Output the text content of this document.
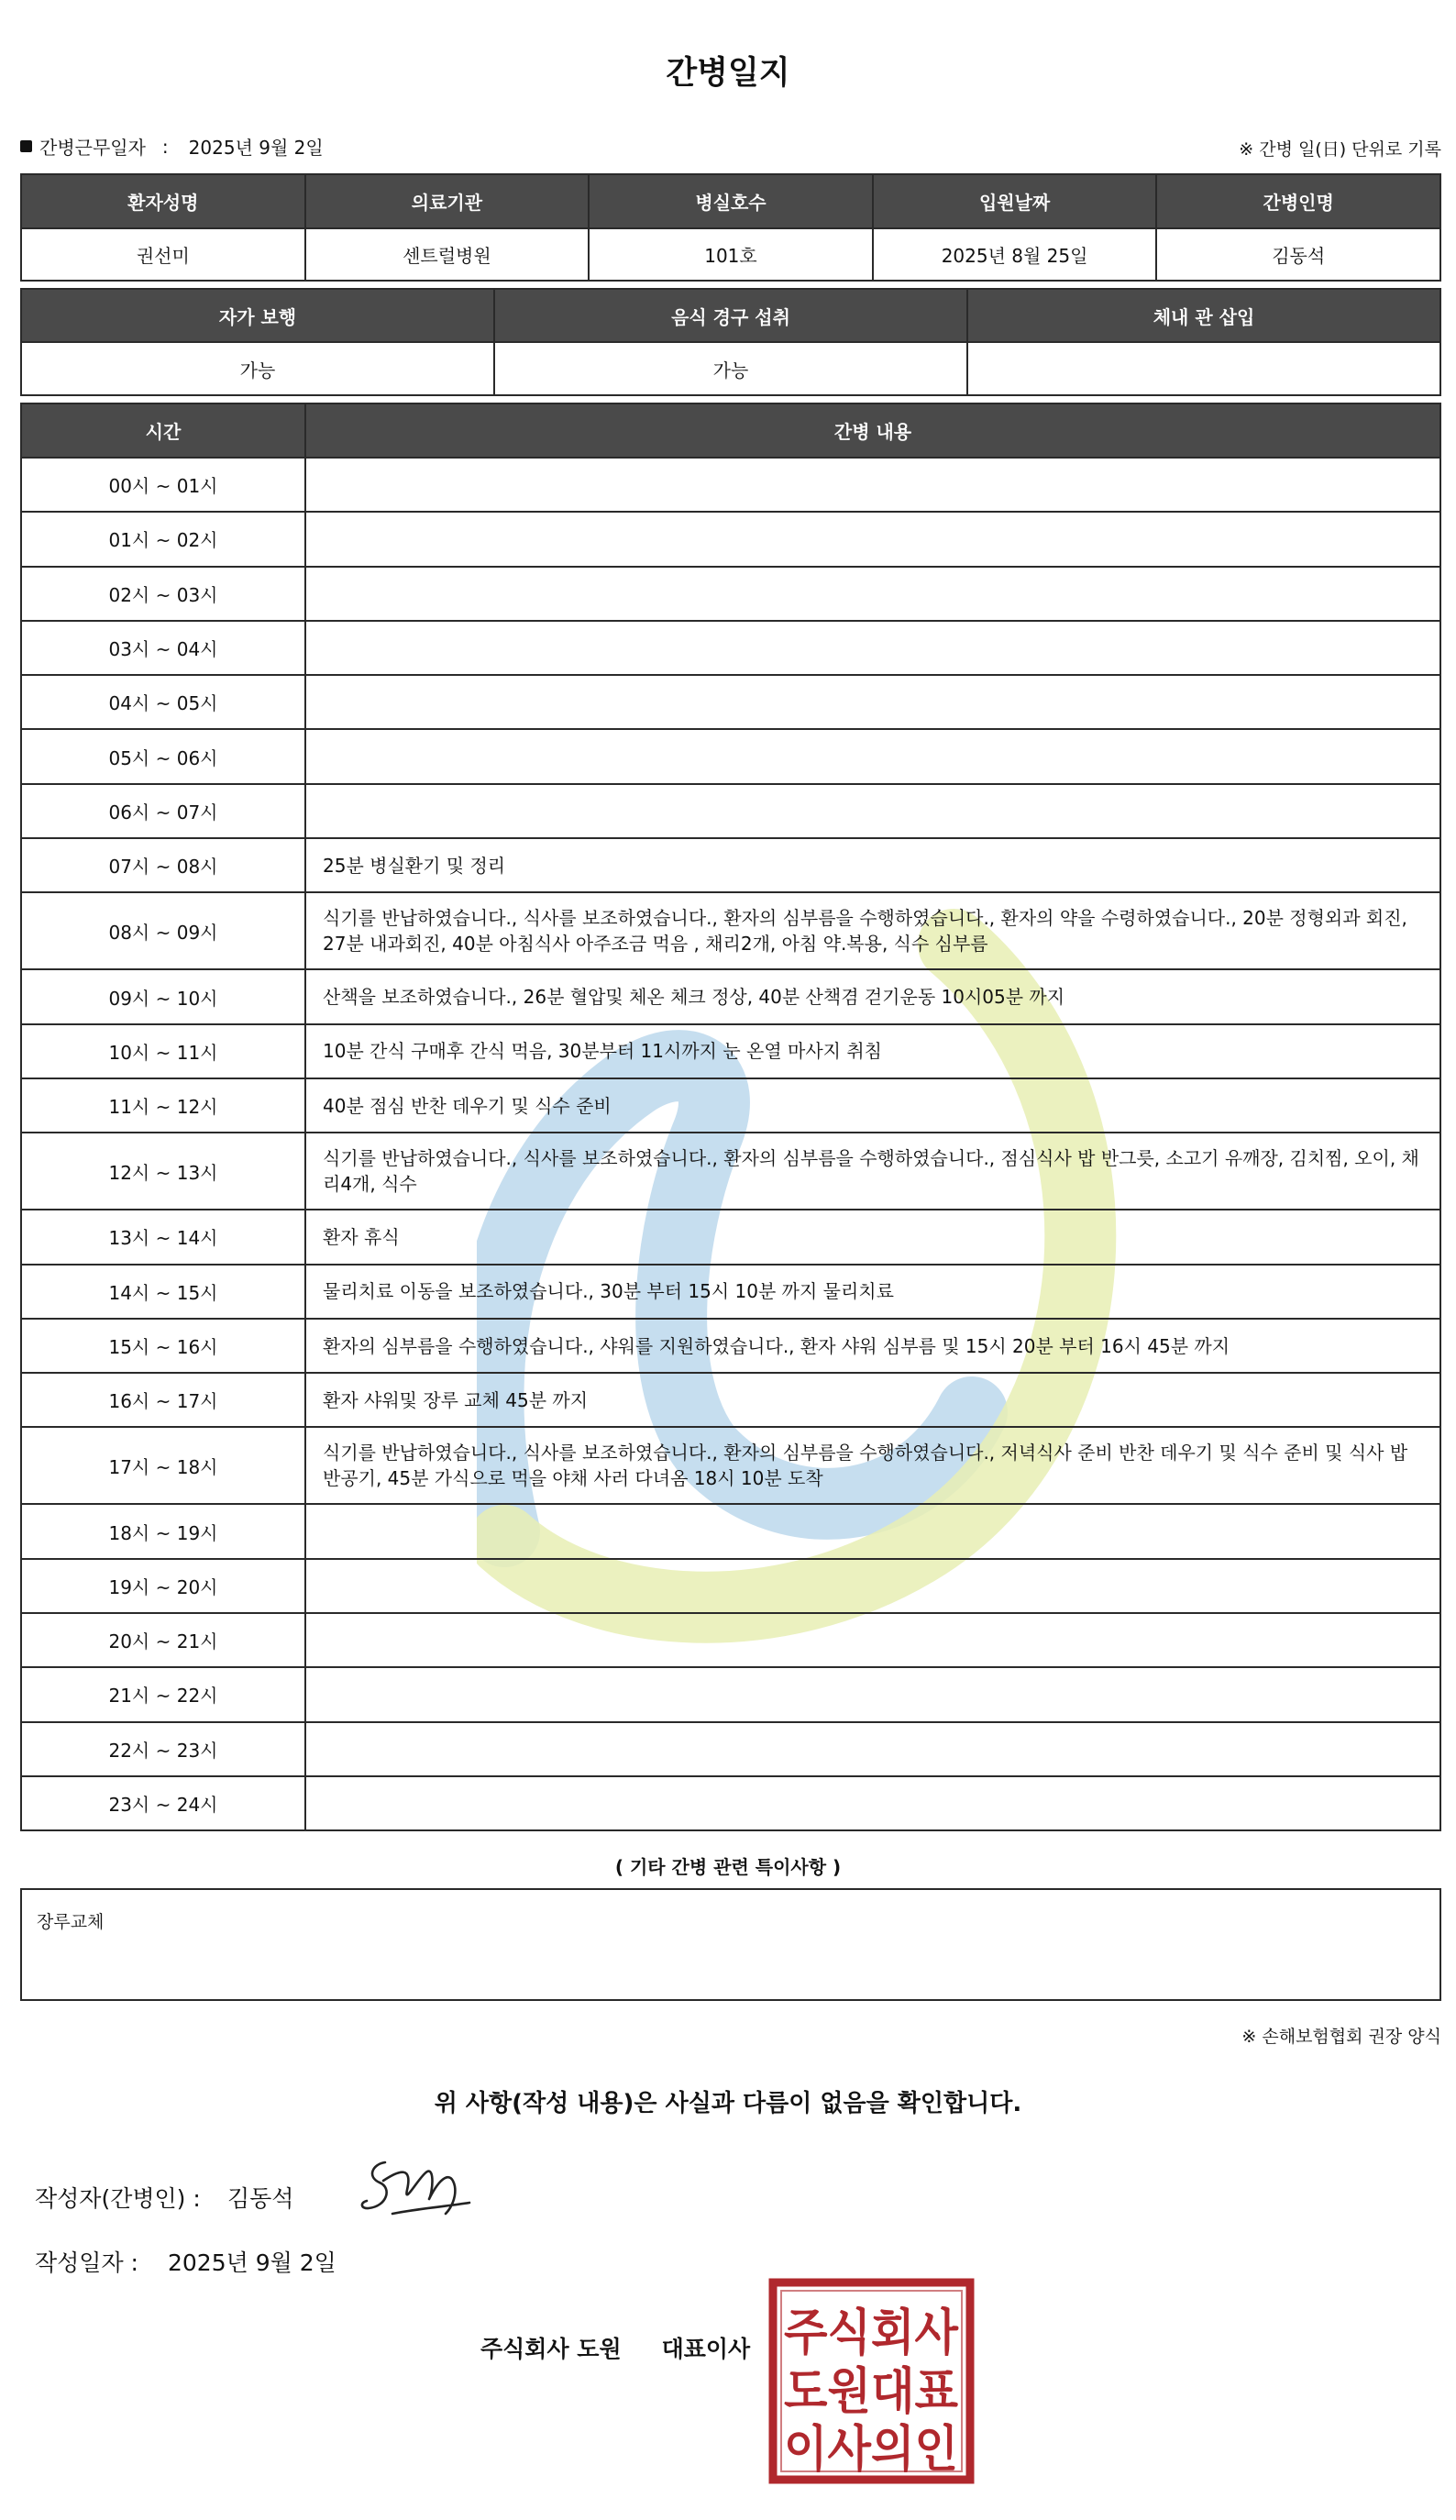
간병일지
간병근무일자 : 2025년 9월 2일	※ 간병 일(日) 단위로 기록
환자성명	의료기관	병실호수	입원날짜	간병인명
권선미	센트럴병원	101호	2025년 8월 25일	김동석
자가 보행	음식 경구 섭취	체내 관 삽입
가능	가능	
시간	간병 내용
00시 ~ 01시	
01시 ~ 02시	
02시 ~ 03시	
03시 ~ 04시	
04시 ~ 05시	
05시 ~ 06시	
06시 ~ 07시	
07시 ~ 08시	25분 병실환기 및 정리
08시 ~ 09시	식기를 반납하였습니다., 식사를 보조하였습니다., 환자의 심부름을 수행하였습니다., 환자의 약을 수령하였습니다., 20분 정형외과 회진, 27분 내과회진, 40분 아침식사 아주조금 먹음 , 채리2개, 아침 약.복용, 식수 심부름
09시 ~ 10시	산책을 보조하였습니다., 26분 혈압및 체온 체크 정상, 40분 산책겸 걷기운동 10시05분 까지
10시 ~ 11시	10분 간식 구매후 간식 먹음, 30분부터 11시까지 눈 온열 마사지 취침
11시 ~ 12시	40분 점심 반찬 데우기 및 식수 준비
12시 ~ 13시	식기를 반납하였습니다., 식사를 보조하였습니다., 환자의 심부름을 수행하였습니다., 점심식사 밥 반그릇, 소고기 유깨장, 김치찜, 오이, 채리4개, 식수
13시 ~ 14시	환자 휴식
14시 ~ 15시	물리치료 이동을 보조하였습니다., 30분 부터 15시 10분 까지 물리치료
15시 ~ 16시	환자의 심부름을 수행하였습니다., 샤워를 지원하였습니다., 환자 샤워 심부름 및 15시 20분 부터 16시 45분 까지
16시 ~ 17시	환자 샤워및 장루 교체 45분 까지
17시 ~ 18시	식기를 반납하였습니다., 식사를 보조하였습니다., 환자의 심부름을 수행하였습니다., 저녁식사 준비 반찬 데우기 및 식수 준비 및 식사 밥 반공기, 45분 가식으로 먹을 야채 사러 다녀옴 18시 10분 도착
18시 ~ 19시	
19시 ~ 20시	
20시 ~ 21시	
21시 ~ 22시	
22시 ~ 23시	
23시 ~ 24시	
( 기타 간병 관련 특이사항 )
장루교체
※ 손해보험협회 권장 양식
위 사항(작성 내용)은 사실과 다름이 없음을 확인합니다.
작성자(간병인) :	김동석
작성일자 :	2025년 9월 2일
주식회사 도원 대표이사 주식회사
도원대표
이사의인
